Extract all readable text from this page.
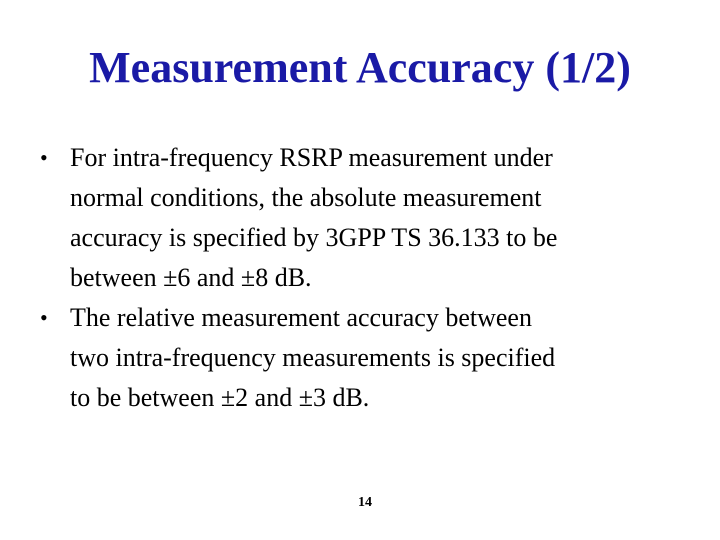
Measurement Accuracy (1/2)
• For intra-frequency RSRP measurement under
normal conditions, the absolute measurement
accuracy is specified by 3GPP TS 36.133 to be
between ±6 and ±8 dB.
• The relative measurement accuracy between
two intra-frequency measurements is specified
to be between ±2 and ±3 dB.
14
